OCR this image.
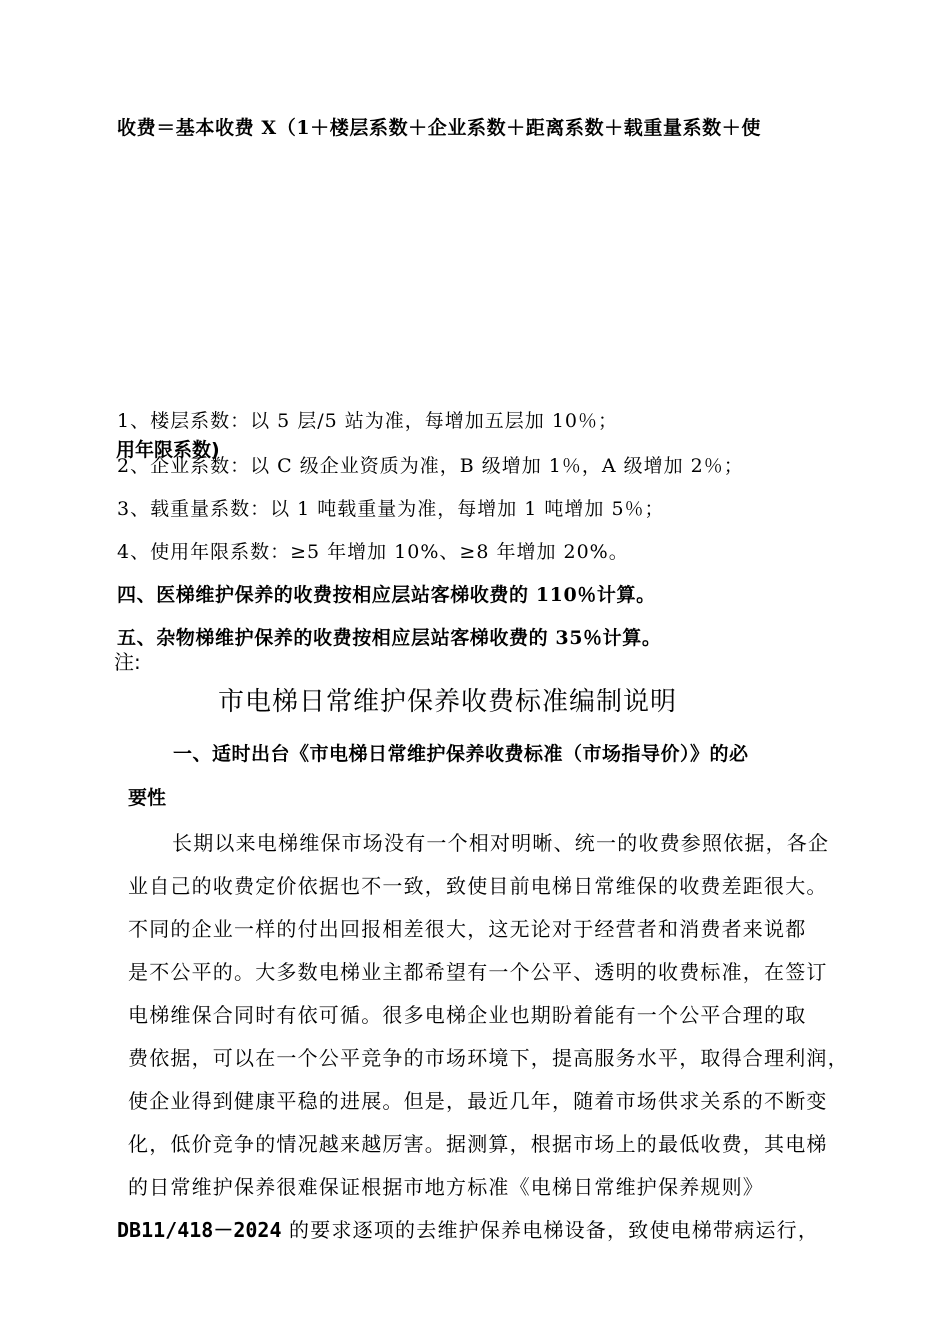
收费＝基本收费 X（1＋楼层系数＋企业系数＋距离系数＋载重量系数＋使
1、楼层系数：以 5 层/5 站为准，每增加五层加 10％；
2、企业系数：以 C 级企业资质为准，B 级增加 1％，A 级增加 2％；
用年限系数)
3、载重量系数：以 1 吨载重量为准，每增加 1 吨增加 5％；
4、使用年限系数：≥5 年增加 10%、≥8 年增加 20%。
四、医梯维护保养的收费按相应层站客梯收费的 110％计算。
五、杂物梯维护保养的收费按相应层站客梯收费的 35％计算。
注:
市电梯日常维护保养收费标准编制说明
一、适时出台《市电梯日常维护保养收费标准（市场指导价）》的必
要性
长期以来电梯维保市场没有一个相对明晰、统一的收费参照依据，各企
业自己的收费定价依据也不一致，致使目前电梯日常维保的收费差距很大。
不同的企业一样的付出回报相差很大，这无论对于经营者和消费者来说都
是不公平的。大多数电梯业主都希望有一个公平、透明的收费标准，在签订
电梯维保合同时有依可循。很多电梯企业也期盼着能有一个公平合理的取
费依据，可以在一个公平竞争的市场环境下，提高服务水平，取得合理利润，
使企业得到健康平稳的进展。但是，最近几年，随着市场供求关系的不断变
化，低价竞争的情况越来越厉害。据测算，根据市场上的最低收费，其电梯
的日常维护保养很难保证根据市地方标准《电梯日常维护保养规则》
DB11/418－2024 的要求逐项的去维护保养电梯设备，致使电梯带病运行，
